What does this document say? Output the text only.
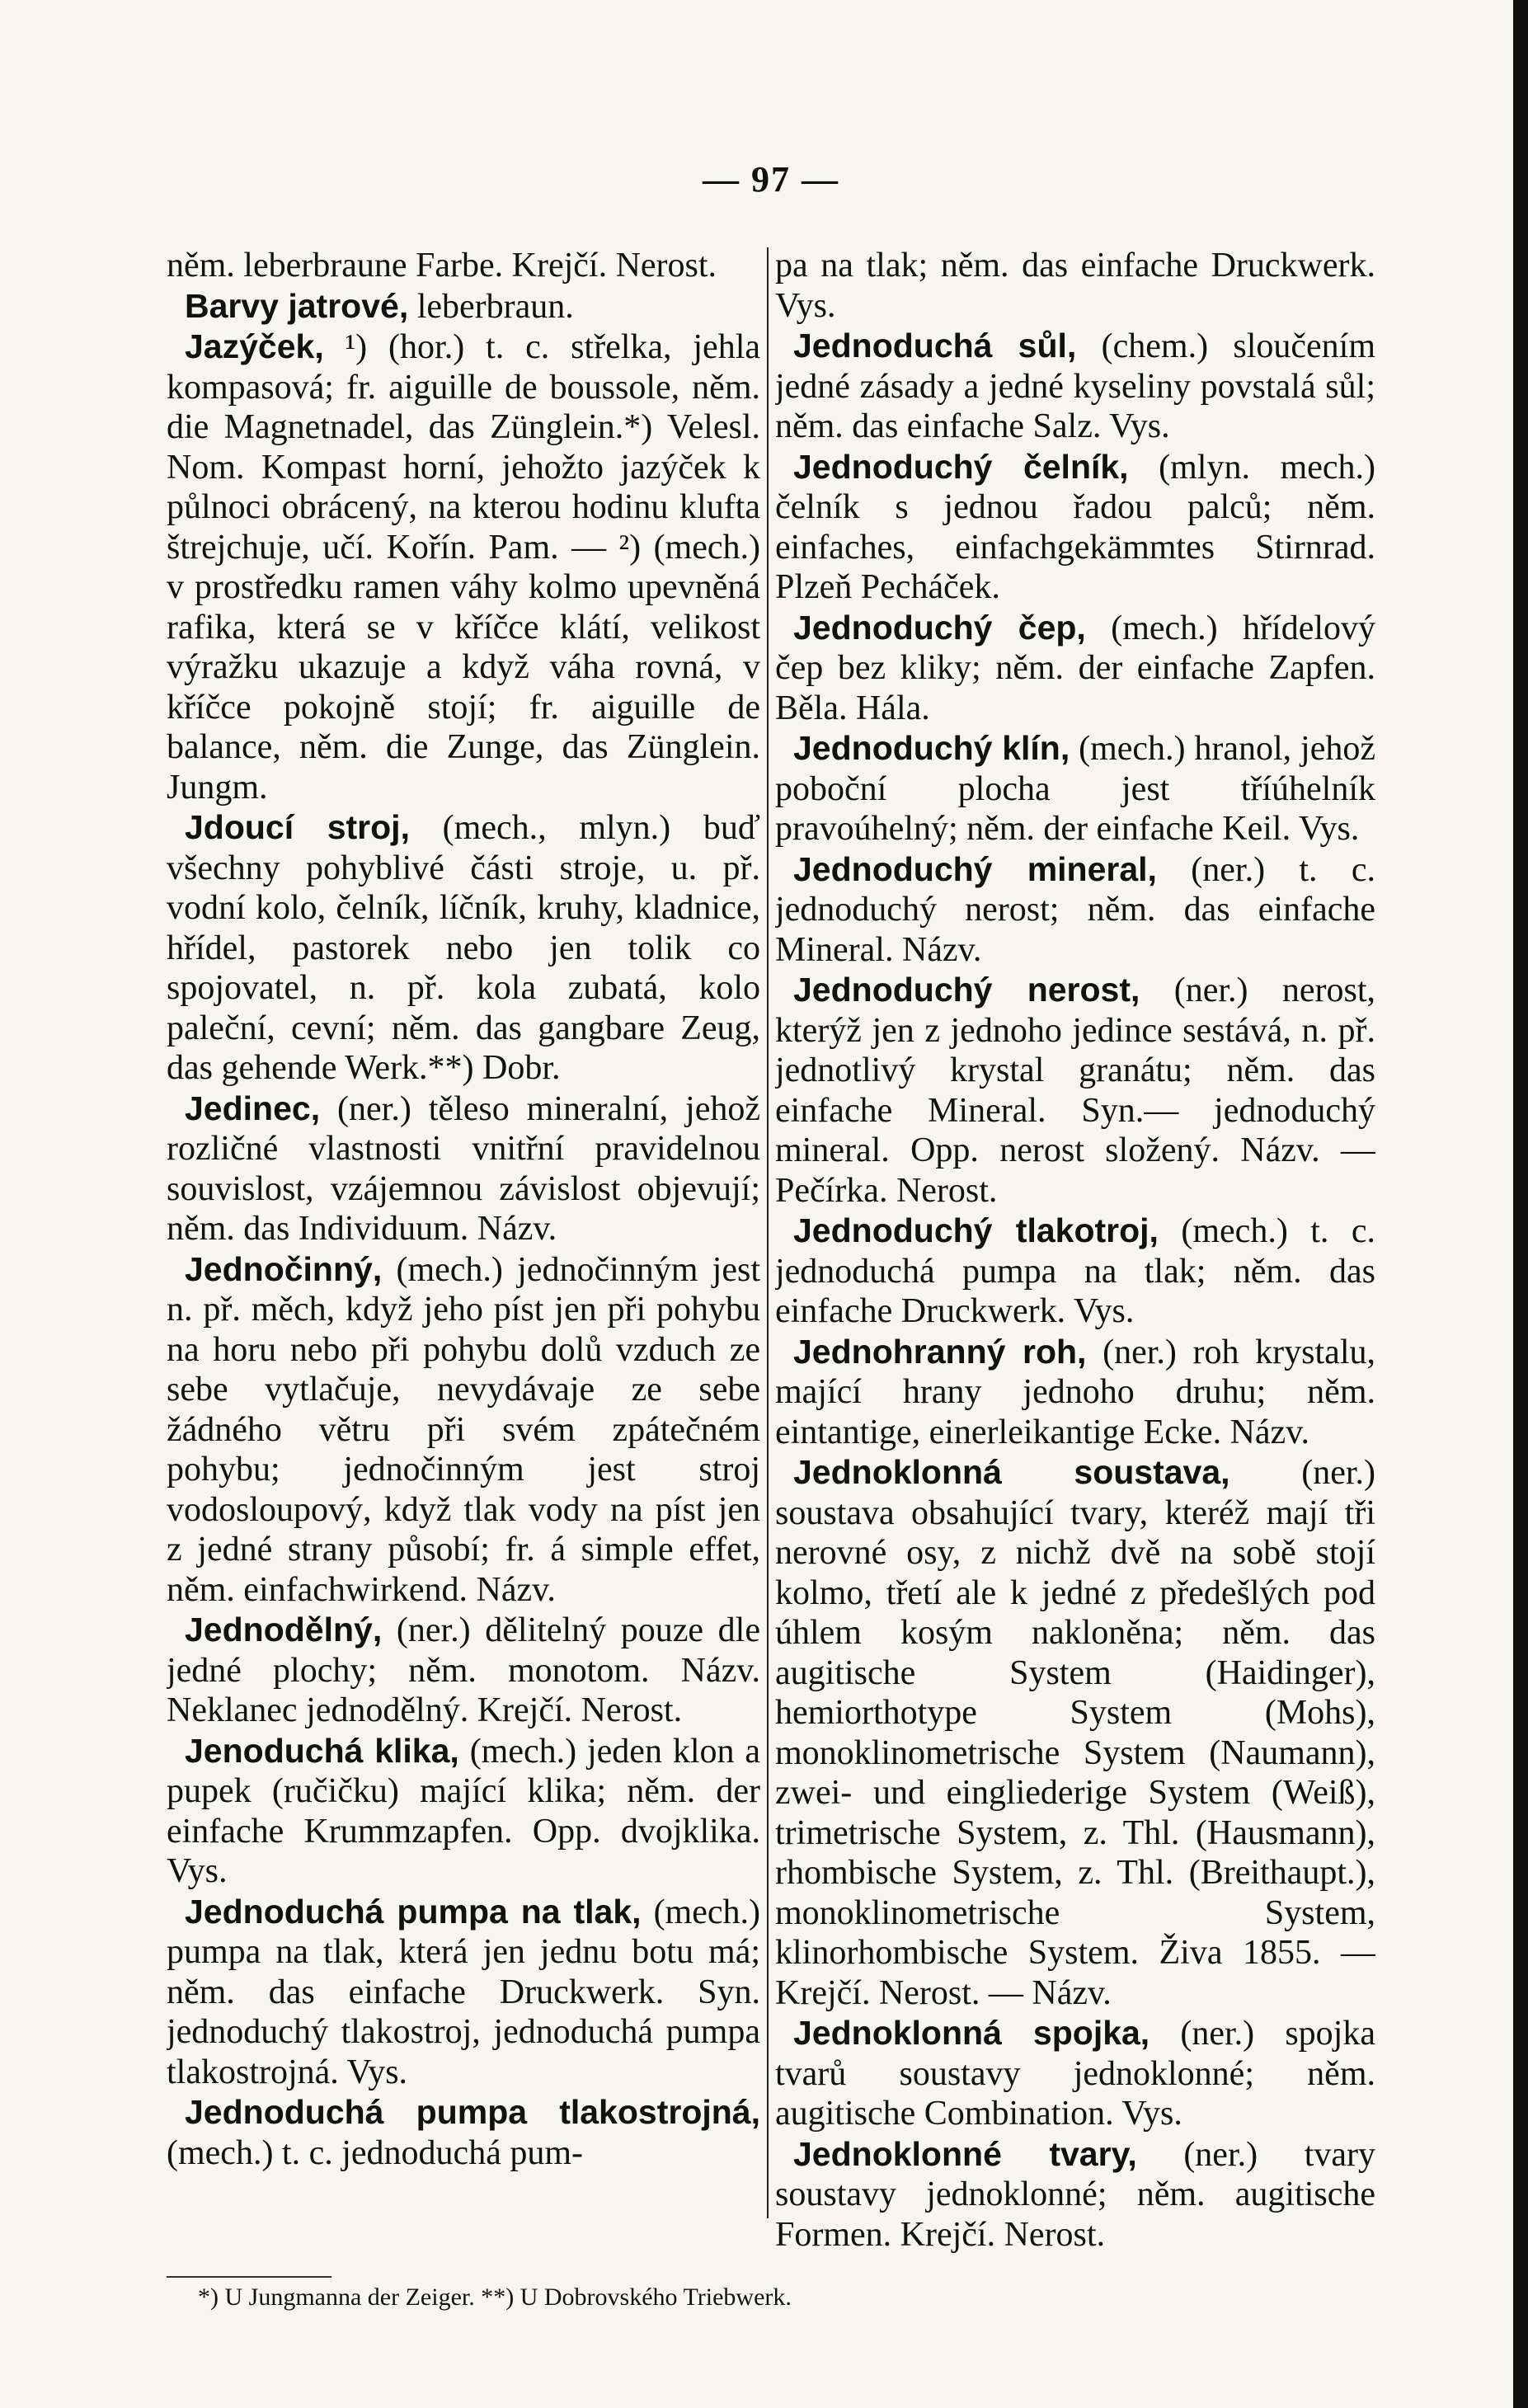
— 97 —

něm. leberbraune Farbe. Krejčí. Nerost.

Barvy jatrové, leberbraun.

Jazýček, ¹) (hor.) t. c. střelka, jehla kompasová; fr. aiguille de boussole, něm. die Magnetnadel, das Zünglein.*) Velesl. Nom. Kompast horní, jehožto jazýček k půlnoci obrácený, na kterou hodinu klufta štrejchuje, učí. Kořín. Pam. — ²) (mech.) v prostředku ramen váhy kolmo upevněná rafika, která se v kříčce klátí, velikost výražku ukazuje a když váha rovná, v kříčce pokojně stojí; fr. aiguille de balance, něm. die Zunge, das Zünglein. Jungm.

Jdoucí stroj, (mech., mlyn.) buď všechny pohyblivé části stroje, u. př. vodní kolo, čelník, líčník, kruhy, kladnice, hřídel, pastorek nebo jen tolik co spojovatel, n. př. kola zubatá, kolo paleční, cevní; něm. das gangbare Zeug, das gehende Werk.**) Dobr.

Jedinec, (ner.) těleso mineralní, jehož rozličné vlastnosti vnitřní pravidelnou souvislost, vzájemnou závislost objevují; něm. das Individuum. Názv.

Jednočinný, (mech.) jednočinným jest n. př. měch, když jeho píst jen při pohybu na horu nebo při pohybu dolů vzduch ze sebe vytlačuje, nevydávaje ze sebe žádného větru při svém zpátečném pohybu; jednočinným jest stroj vodosloupový, když tlak vody na píst jen z jedné strany působí; fr. á simple effet, něm. einfachwirkend. Názv.

Jednodělný, (ner.) dělitelný pouze dle jedné plochy; něm. monotom. Názv. Neklanec jednodělný. Krejčí. Nerost.

Jenoduchá klika, (mech.) jeden klon a pupek (ručičku) mající klika; něm. der einfache Krummzapfen. Opp. dvojklika. Vys.

Jednoduchá pumpa na tlak, (mech.) pumpa na tlak, která jen jednu botu má; něm. das einfache Druckwerk. Syn. jednoduchý tlakostroj, jednoduchá pumpa tlakostrojná. Vys.

Jednoduchá pumpa tlakostrojná, (mech.) t. c. jednoduchá pum-

pa na tlak; něm. das einfache Druckwerk. Vys.

Jednoduchá sůl, (chem.) sloučením jedné zásady a jedné kyseliny povstalá sůl; něm. das einfache Salz. Vys.

Jednoduchý čelník, (mlyn. mech.) čelník s jednou řadou palců; něm. einfaches, einfachgekämmtes Stirnrad. Plzeň Pecháček.

Jednoduchý čep, (mech.) hřídelový čep bez kliky; něm. der einfache Zapfen. Běla. Hála.

Jednoduchý klín, (mech.) hranol, jehož poboční plocha jest tříúhelník pravoúhelný; něm. der einfache Keil. Vys.

Jednoduchý mineral, (ner.) t. c. jednoduchý nerost; něm. das einfache Mineral. Názv.

Jednoduchý nerost, (ner.) nerost, kterýž jen z jednoho jedince sestává, n. př. jednotlivý krystal granátu; něm. das einfache Mineral. Syn.— jednoduchý mineral. Opp. nerost složený. Názv. — Pečírka. Nerost.

Jednoduchý tlakotroj, (mech.) t. c. jednoduchá pumpa na tlak; něm. das einfache Druckwerk. Vys.

Jednohranný roh, (ner.) roh krystalu, mající hrany jednoho druhu; něm. eintantige, einerleikantige Ecke. Názv.

Jednoklonná soustava, (ner.) soustava obsahující tvary, kteréž mají tři nerovné osy, z nichž dvě na sobě stojí kolmo, třetí ale k jedné z předešlých pod úhlem kosým nakloněna; něm. das augitische System (Haidinger), hemiorthotype System (Mohs), monoklinometrische System (Naumann), zwei- und eingliederige System (Weiß), trimetrische System, z. Thl. (Hausmann), rhombische System, z. Thl. (Breithaupt.), monoklinometrische System, klinorhombische System. Živa 1855. — Krejčí. Nerost. — Názv.

Jednoklonná spojka, (ner.) spojka tvarů soustavy jednoklonné; něm. augitische Combination. Vys.

Jednoklonné tvary, (ner.) tvary soustavy jednoklonné; něm. augitische Formen. Krejčí. Nerost.

*) U Jungmanna der Zeiger. **) U Dobrovského Triebwerk.
